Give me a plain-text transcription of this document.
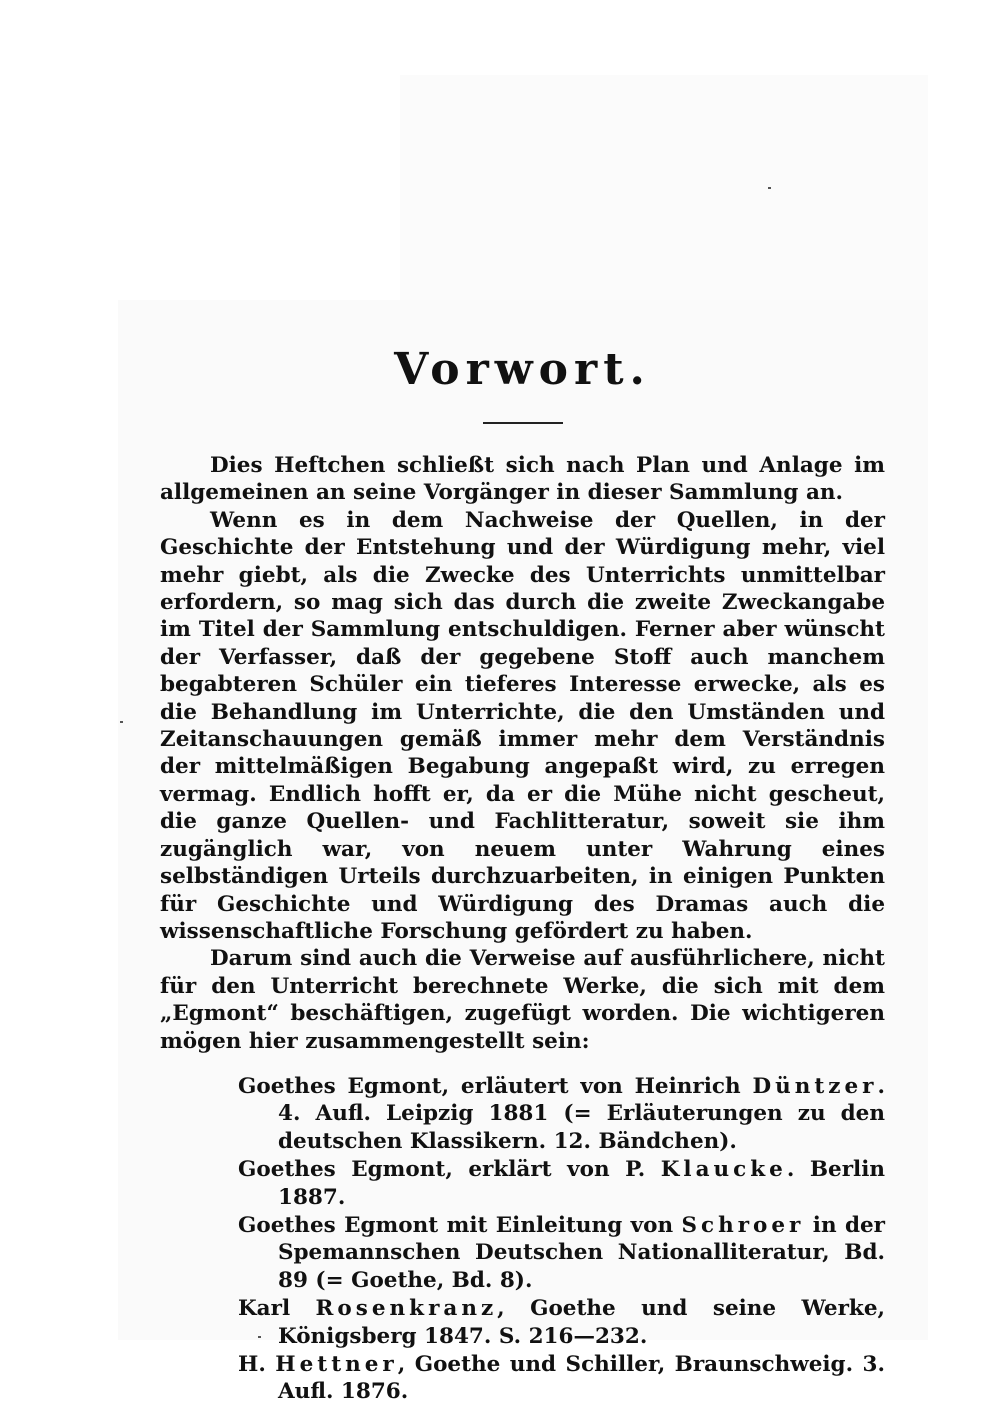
Vorwort.

Dies Heftchen schließt sich nach Plan und Anlage im allgemeinen an seine Vorgänger in dieser Sammlung an.

Wenn es in dem Nachweise der Quellen, in der Geschichte der Entstehung und der Würdigung mehr, viel mehr giebt, als die Zwecke des Unterrichts unmittelbar erfordern, so mag sich das durch die zweite Zweckangabe im Titel der Sammlung entschuldigen. Ferner aber wünscht der Verfasser, daß der gegebene Stoff auch manchem begabteren Schüler ein tieferes Interesse erwecke, als es die Behandlung im Unterrichte, die den Umständen und Zeitanschauungen gemäß immer mehr dem Verständnis der mittelmäßigen Begabung angepaßt wird, zu erregen vermag. Endlich hofft er, da er die Mühe nicht gescheut, die ganze Quellen- und Fachlitteratur, soweit sie ihm zugänglich war, von neuem unter Wahrung eines selbständigen Urteils durchzuarbeiten, in einigen Punkten für Geschichte und Würdigung des Dramas auch die wissenschaftliche Forschung gefördert zu haben.

Darum sind auch die Verweise auf ausführlichere, nicht für den Unterricht berechnete Werke, die sich mit dem „Egmont“ beschäftigen, zugefügt worden. Die wichtigeren mögen hier zusammengestellt sein:

Goethes Egmont, erläutert von Heinrich Düntzer. 4. Aufl. Leipzig 1881 (= Erläuterungen zu den deutschen Klassikern. 12. Bändchen).

Goethes Egmont, erklärt von P. Klaucke. Berlin 1887.

Goethes Egmont mit Einleitung von Schroer in der Spemannschen Deutschen Nationalliteratur, Bd. 89 (= Goethe, Bd. 8).

Karl Rosenkranz, Goethe und seine Werke, Königsberg 1847. S. 216—232.

H. Hettner, Goethe und Schiller, Braunschweig. 3. Aufl. 1876.
